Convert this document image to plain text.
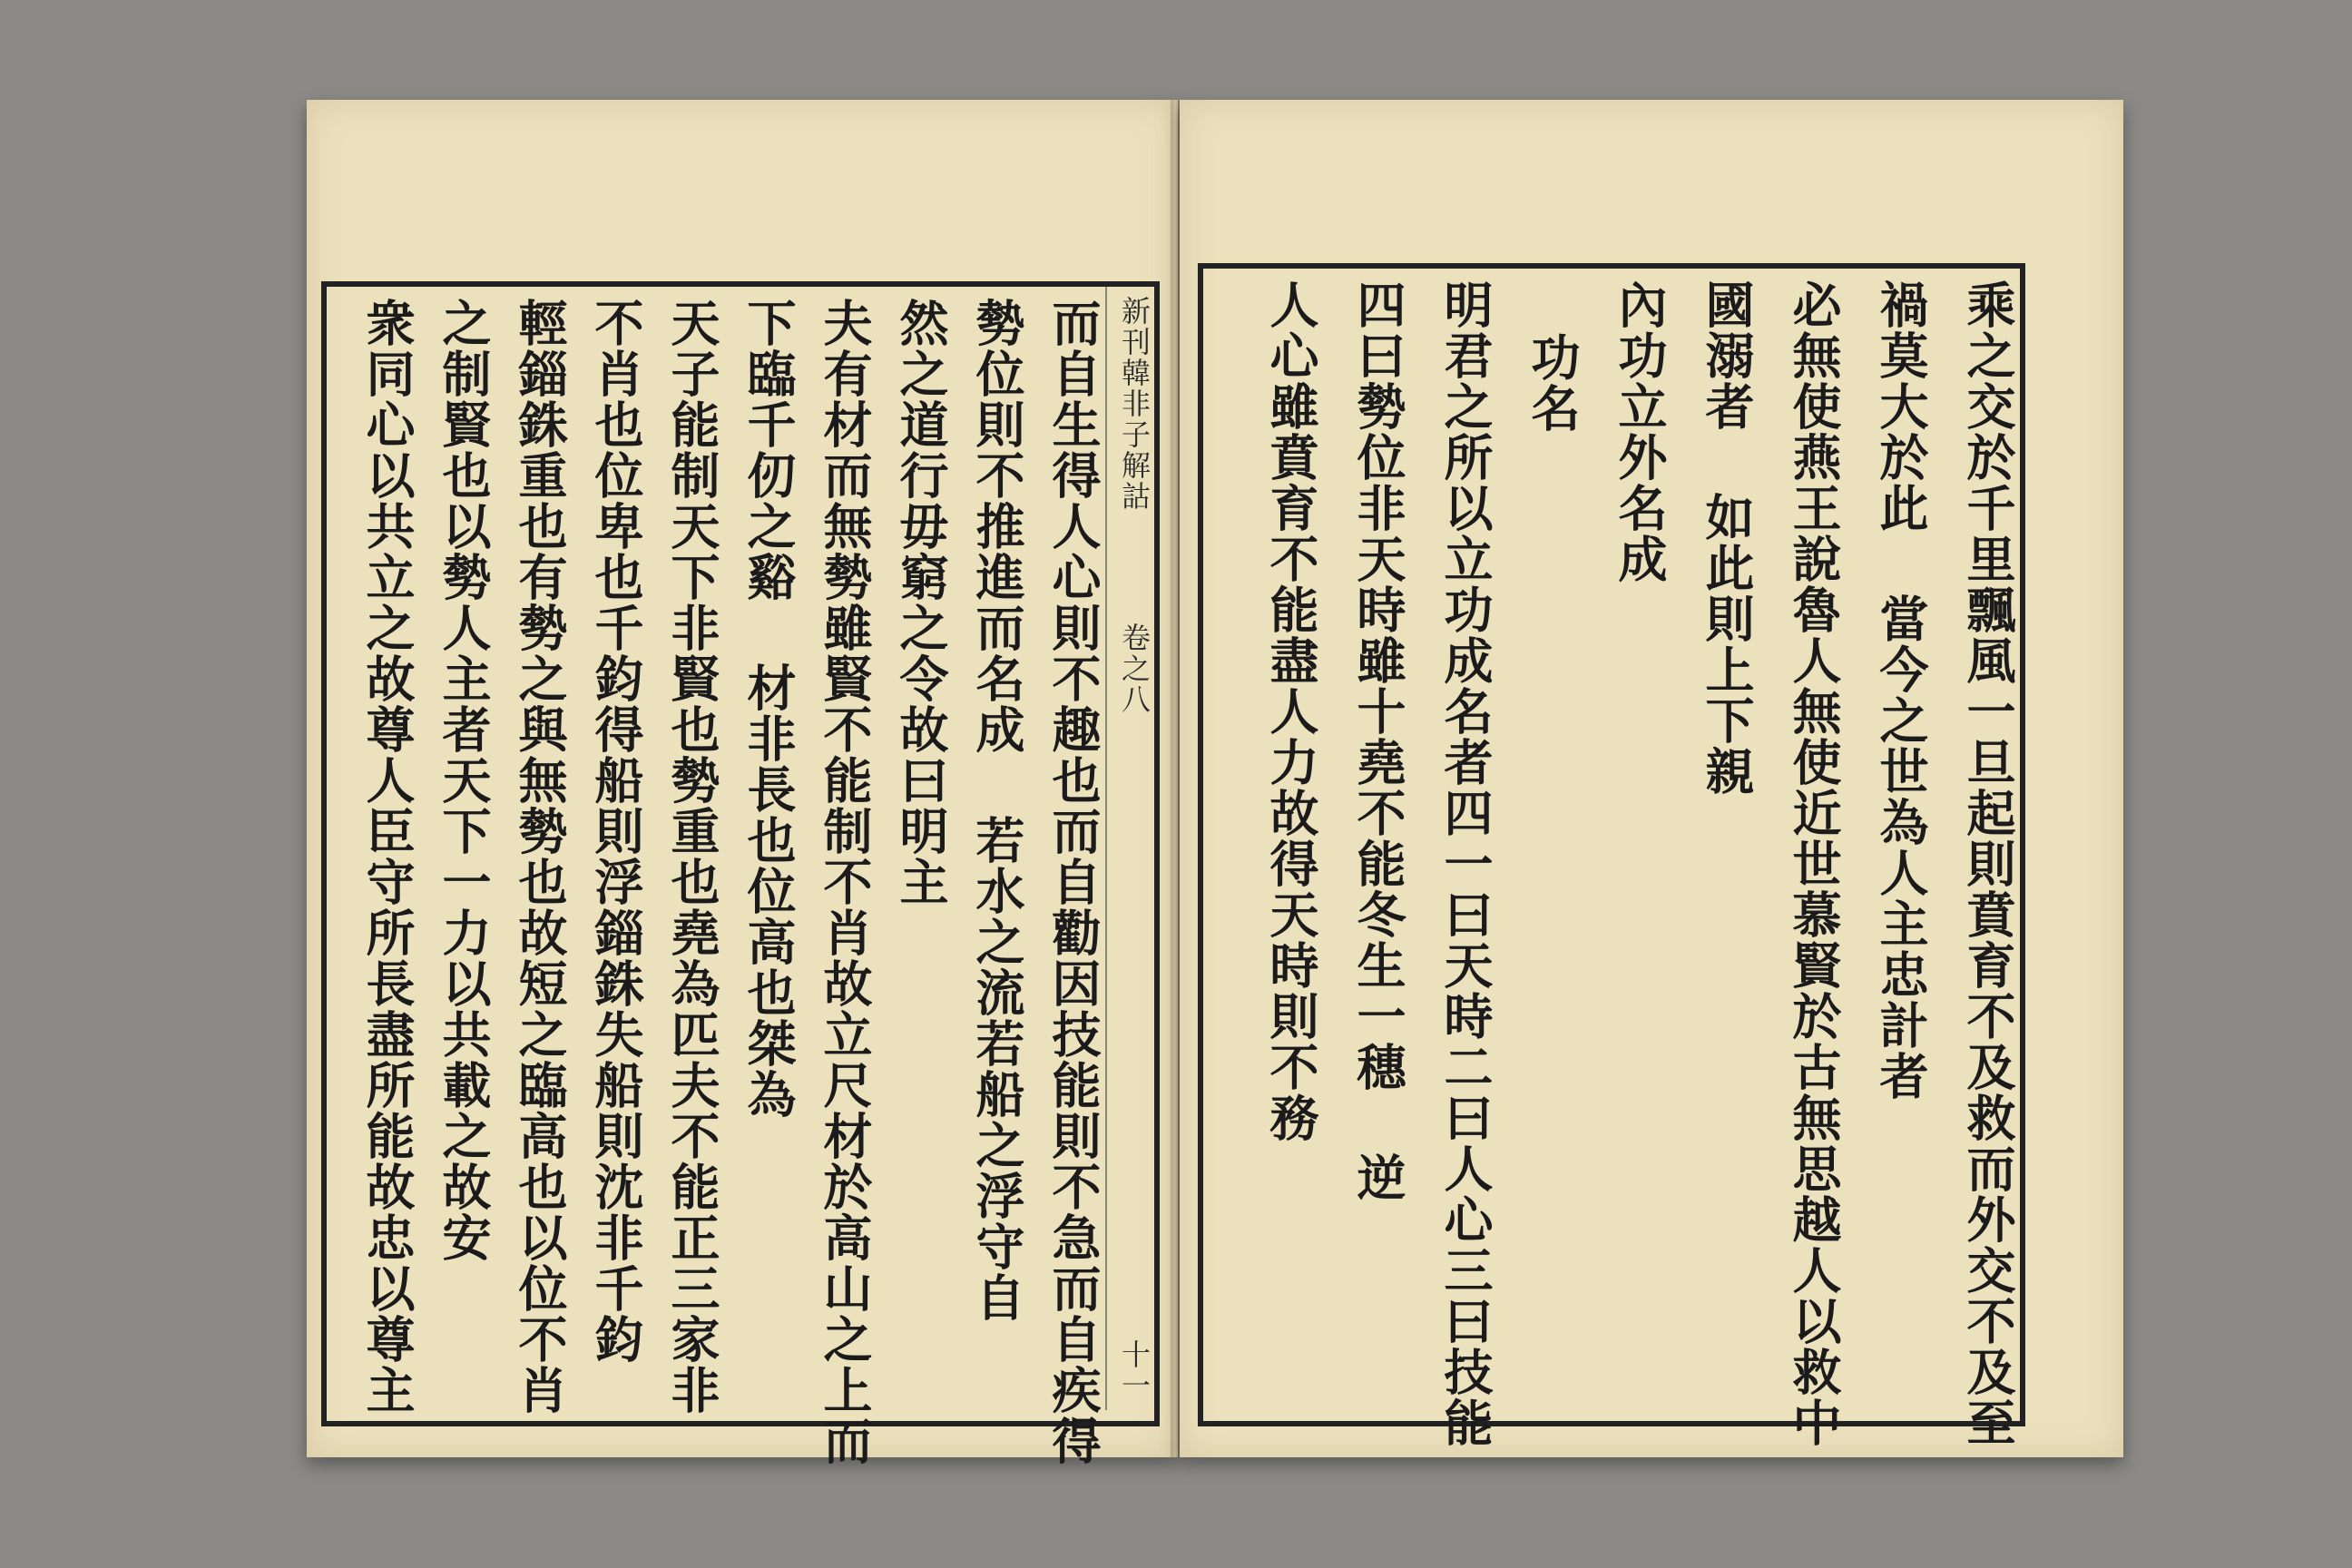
新刊韓非子解詁
卷之八
十一
而自生得人心則不趣也而自勸因技能則不急而自疾得
勢位則不推進而名成 若水之流若船之浮守自
然之道行毋窮之令故曰明主
夫有材而無勢雖賢不能制不肖故立尺材於高山之上而
下臨千仞之谿 材非長也位高也桀為
天子能制天下非賢也勢重也堯為匹夫不能正三家非
不肖也位卑也千鈞得船則浮錙銖失船則沈非千鈞
輕錙銖重也有勢之與無勢也故短之臨高也以位不肖
之制賢也以勢人主者天下一力以共載之故安
衆同心以共立之故尊人臣守所長盡所能故忠以尊主	乘之交於千里飄風一旦起則賁育不及救而外交不及至
禍莫大於此 當今之世為人主忠計者
必無使燕王說魯人無使近世慕賢於古無思越人以救中
國溺者 如此則上下親
內功立外名成
功名
明君之所以立功成名者四一曰天時二曰人心三曰技能
四曰勢位非天時雖十堯不能冬生一穗 逆
人心雖賁育不能盡人力故得天時則不務
